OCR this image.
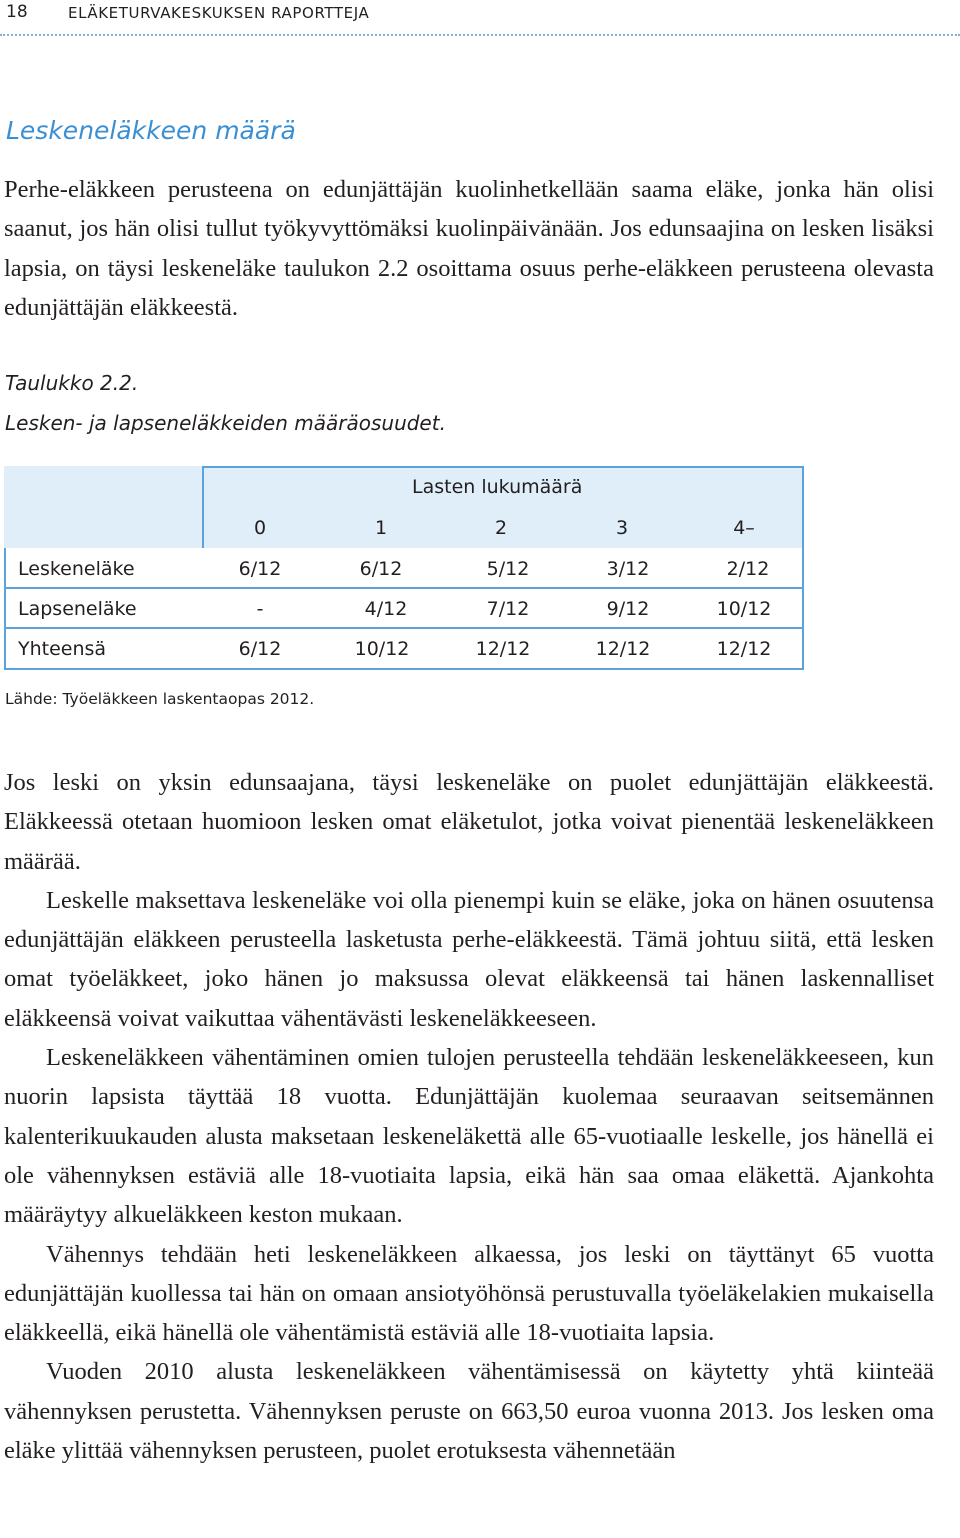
18	ELÄKETURVAKESKUKSEN RAPORTTEJA
Leskeneläkkeen määrä

Perhe-eläkkeen perusteena on edunjättäjän kuolinhetkellään saama eläke, jonka hän olisi saanut, jos hän olisi tullut työkyvyttömäksi kuolinpäivänään. Jos edunsaajina on lesken lisäksi lapsia, on täysi leskeneläke taulukon 2.2 osoittama osuus perhe-eläkkeen perusteena olevasta edunjättäjän eläkkeestä.

Taulukko 2.2.
Lesken- ja lapseneläkkeiden määräosuudet.
Lasten lukumäärä
0	1	2	3	4–
Leskeneläke	6/12	6/12	5/12	3/12	2/12
Lapseneläke	-	4/12	7/12	9/12	10/12
Yhteensä	6/12	10/12	12/12	12/12	12/12
Lähde: Työeläkkeen laskentaopas 2012.

Jos leski on yksin edunsaajana, täysi leskeneläke on puolet edunjättäjän eläkkeestä. Eläkkeessä otetaan huomioon lesken omat eläketulot, jotka voivat pienentää leskeneläkkeen määrää.

Leskelle maksettava leskeneläke voi olla pienempi kuin se eläke, joka on hänen osuutensa edunjättäjän eläkkeen perusteella lasketusta perhe-eläkkeestä. Tämä johtuu siitä, että lesken omat työeläkkeet, joko hänen jo maksussa olevat eläkkeensä tai hänen laskennalliset eläkkeensä voivat vaikuttaa vähentävästi leskeneläkkeeseen.

Leskeneläkkeen vähentäminen omien tulojen perusteella tehdään leskeneläkkeeseen, kun nuorin lapsista täyttää 18 vuotta. Edunjättäjän kuolemaa seuraavan seitsemännen kalenterikuukauden alusta maksetaan leskeneläkettä alle 65-vuotiaalle leskelle, jos hänellä ei ole vähennyksen estäviä alle 18-vuotiaita lapsia, eikä hän saa omaa eläkettä. Ajankohta määräytyy alkueläkkeen keston mukaan.

Vähennys tehdään heti leskeneläkkeen alkaessa, jos leski on täyttänyt 65 vuotta edunjättäjän kuollessa tai hän on omaan ansiotyöhönsä perustuvalla työeläkelakien mukaisella eläkkeellä, eikä hänellä ole vähentämistä estäviä alle 18-vuotiaita lapsia.

Vuoden 2010 alusta leskeneläkkeen vähentämisessä on käytetty yhtä kiinteää vähennyksen perustetta. Vähennyksen peruste on 663,50 euroa vuonna 2013. Jos lesken oma eläke ylittää vähennyksen perusteen, puolet erotuksesta vähennetään
